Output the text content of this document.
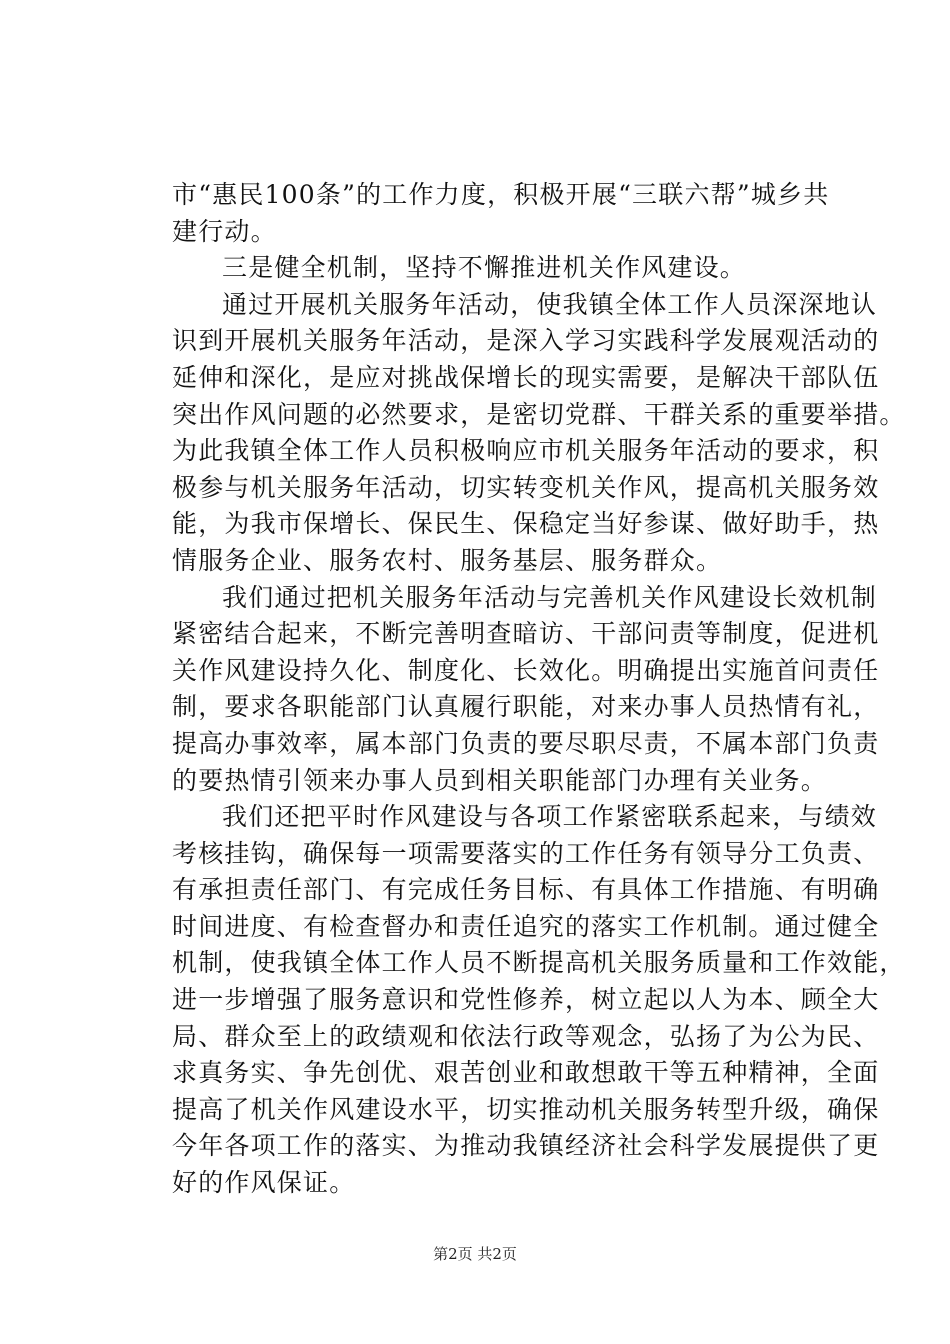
市“惠民100条”的工作力度，积极开展“三联六帮”城乡共
建行动。
三是健全机制，坚持不懈推进机关作风建设。
通过开展机关服务年活动，使我镇全体工作人员深深地认
识到开展机关服务年活动，是深入学习实践科学发展观活动的
延伸和深化，是应对挑战保增长的现实需要，是解决干部队伍
突出作风问题的必然要求，是密切党群、干群关系的重要举措。
为此我镇全体工作人员积极响应市机关服务年活动的要求，积
极参与机关服务年活动，切实转变机关作风，提高机关服务效
能，为我市保增长、保民生、保稳定当好参谋、做好助手，热
情服务企业、服务农村、服务基层、服务群众。
我们通过把机关服务年活动与完善机关作风建设长效机制
紧密结合起来，不断完善明查暗访、干部问责等制度，促进机
关作风建设持久化、制度化、长效化。明确提出实施首问责任
制，要求各职能部门认真履行职能，对来办事人员热情有礼，
提高办事效率，属本部门负责的要尽职尽责，不属本部门负责
的要热情引领来办事人员到相关职能部门办理有关业务。
我们还把平时作风建设与各项工作紧密联系起来，与绩效
考核挂钩，确保每一项需要落实的工作任务有领导分工负责、
有承担责任部门、有完成任务目标、有具体工作措施、有明确
时间进度、有检查督办和责任追究的落实工作机制。通过健全
机制，使我镇全体工作人员不断提高机关服务质量和工作效能，
进一步增强了服务意识和党性修养，树立起以人为本、顾全大
局、群众至上的政绩观和依法行政等观念，弘扬了为公为民、
求真务实、争先创优、艰苦创业和敢想敢干等五种精神，全面
提高了机关作风建设水平，切实推动机关服务转型升级，确保
今年各项工作的落实、为推动我镇经济社会科学发展提供了更
好的作风保证。
第2页 共2页
